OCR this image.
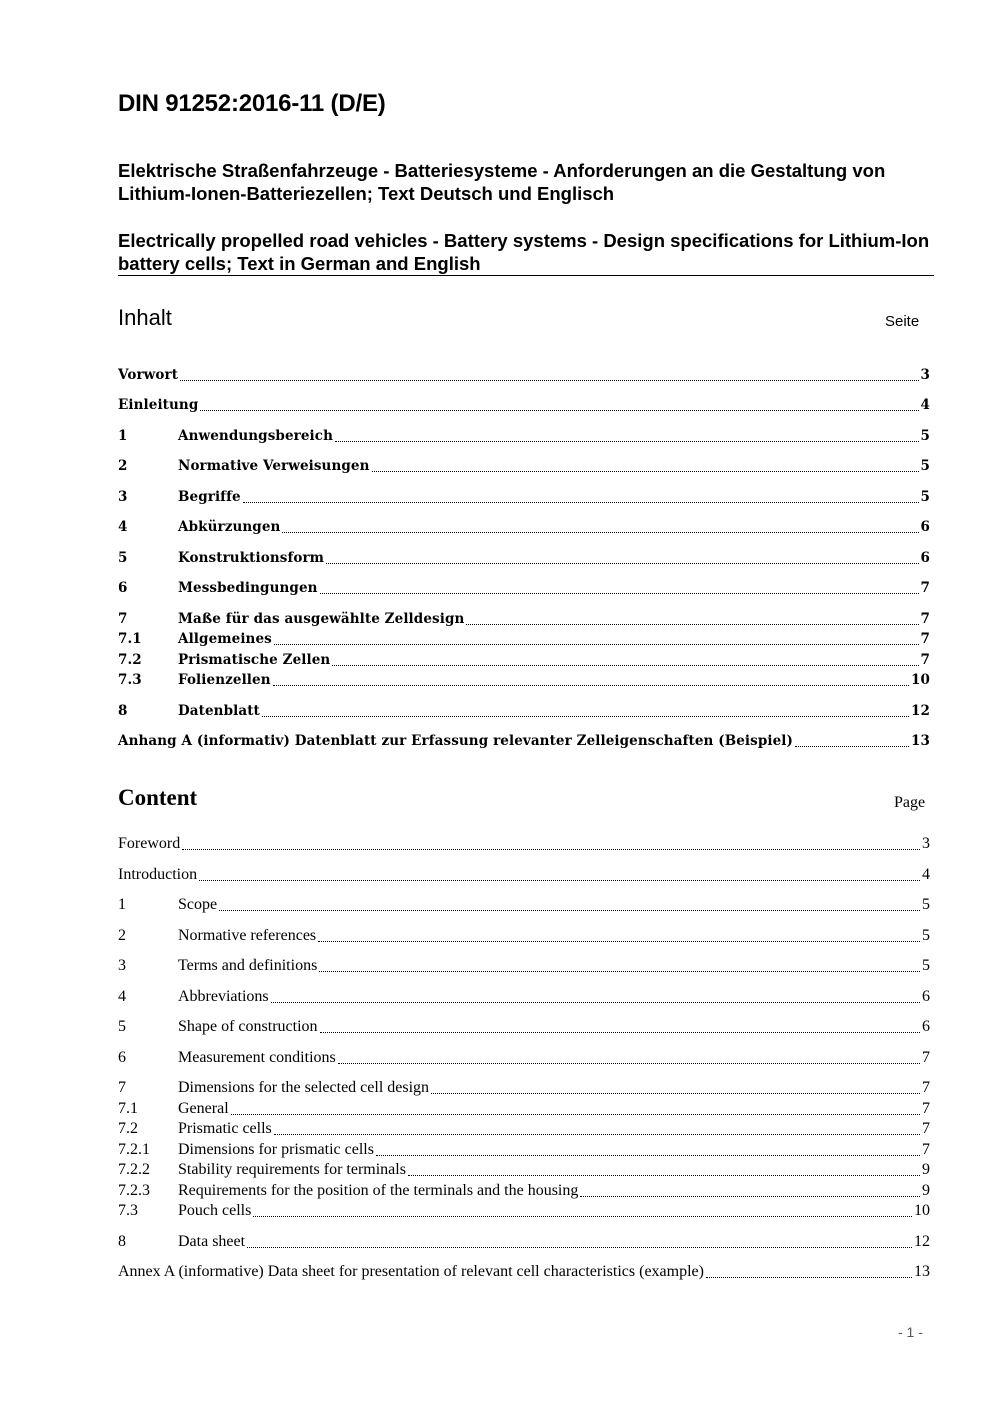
DIN 91252:2016-11 (D/E)
Elektrische Straßenfahrzeuge - Batteriesysteme - Anforderungen an die Gestaltung von Lithium-Ionen-Batteriezellen; Text Deutsch und Englisch
Electrically propelled road vehicles - Battery systems - Design specifications for Lithium-Ion battery cells; Text in German and English
Inhalt	Seite
Vorwort	3
Einleitung	4
1	Anwendungsbereich	5
2	Normative Verweisungen	5
3	Begriffe	5
4	Abkürzungen	6
5	Konstruktionsform	6
6	Messbedingungen	7
7	Maße für das ausgewählte Zelldesign	7
7.1	Allgemeines	7
7.2	Prismatische Zellen	7
7.3	Folienzellen	10
8	Datenblatt	12
Anhang A (informativ) Datenblatt zur Erfassung relevanter Zelleigenschaften (Beispiel)	13
Content	Page
Foreword	3
Introduction	4
1	Scope	5
2	Normative references	5
3	Terms and definitions	5
4	Abbreviations	6
5	Shape of construction	6
6	Measurement conditions	7
7	Dimensions for the selected cell design	7
7.1	General	7
7.2	Prismatic cells	7
7.2.1	Dimensions for prismatic cells	7
7.2.2	Stability requirements for terminals	9
7.2.3	Requirements for the position of the terminals and the housing	9
7.3	Pouch cells	10
8	Data sheet	12
Annex A (informative) Data sheet for presentation of relevant cell characteristics (example)	13
- 1 -
